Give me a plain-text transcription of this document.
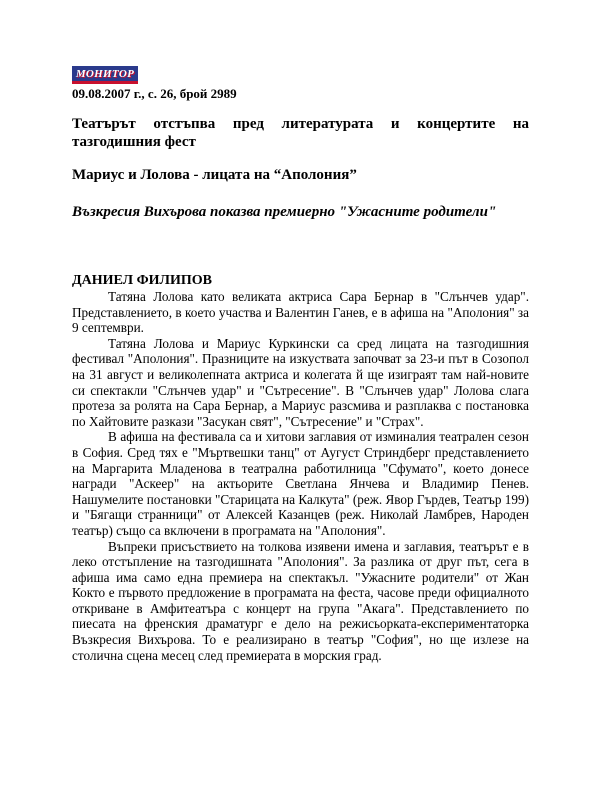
МОНИТОР
09.08.2007 г., с. 26, брой 2989
Театърът отстъпва пред литературата и концертите на тазгодишния фест
Мариус и Лолова - лицата на “Аполония”
Възкресия Вихърова показва премиерно "Ужасните родители"
ДАНИЕЛ ФИЛИПОВ

Татяна Лолова като великата актриса Сара Бернар в "Слънчев удар". Представлението, в което участва и Валентин Ганев, е в афиша на "Аполония" за 9 септември.

Татяна Лолова и Мариус Куркински са сред лицата на тазгодишния фестивал "Аполония". Празниците на изкуствата започват за 23-и път в Созопол на 31 август и великолепната актриса и колегата й ще изиграят там най-новите си спектакли "Слънчев удар" и "Сътресение". В "Слънчев удар" Лолова слага протеза за ролята на Сара Бернар, а Мариус разсмива и разплаква с постановка по Хайтовите разкази "Засукан свят", "Сътресение" и "Страх".

В афиша на фестивала са и хитови заглавия от изминалия театрален сезон в София. Сред тях е "Мъртвешки танц" от Аугуст Стриндберг представлението на Маргарита Младенова в театрална работилница "Сфумато", което донесе награди "Аскеер" на актьорите Светлана Янчева и Владимир Пенев. Нашумелите постановки "Старицата на Калкута" (реж. Явор Гърдев, Театър 199) и "Бягащи странници" от Алексей Казанцев (реж. Николай Ламбрев, Народен театър) също са включени в програмата на "Аполония".

Въпреки присъствието на толкова изявени имена и заглавия, театърът е в леко отстъпление на тазгодишната "Аполония". За разлика от друг път, сега в афиша има само една премиера на спектакъл. "Ужасните родители" от Жан Кокто е първото предложение в програмата на феста, часове преди официалното откриване в Амфитеатъра с концерт на група "Акага". Представлението по пиесата на френския драматург е дело на режисьорката-експериментаторка Възкресия Вихърова. То е реализирано в театър "София", но ще излезе на столична сцена месец след премиерата в морския град.
